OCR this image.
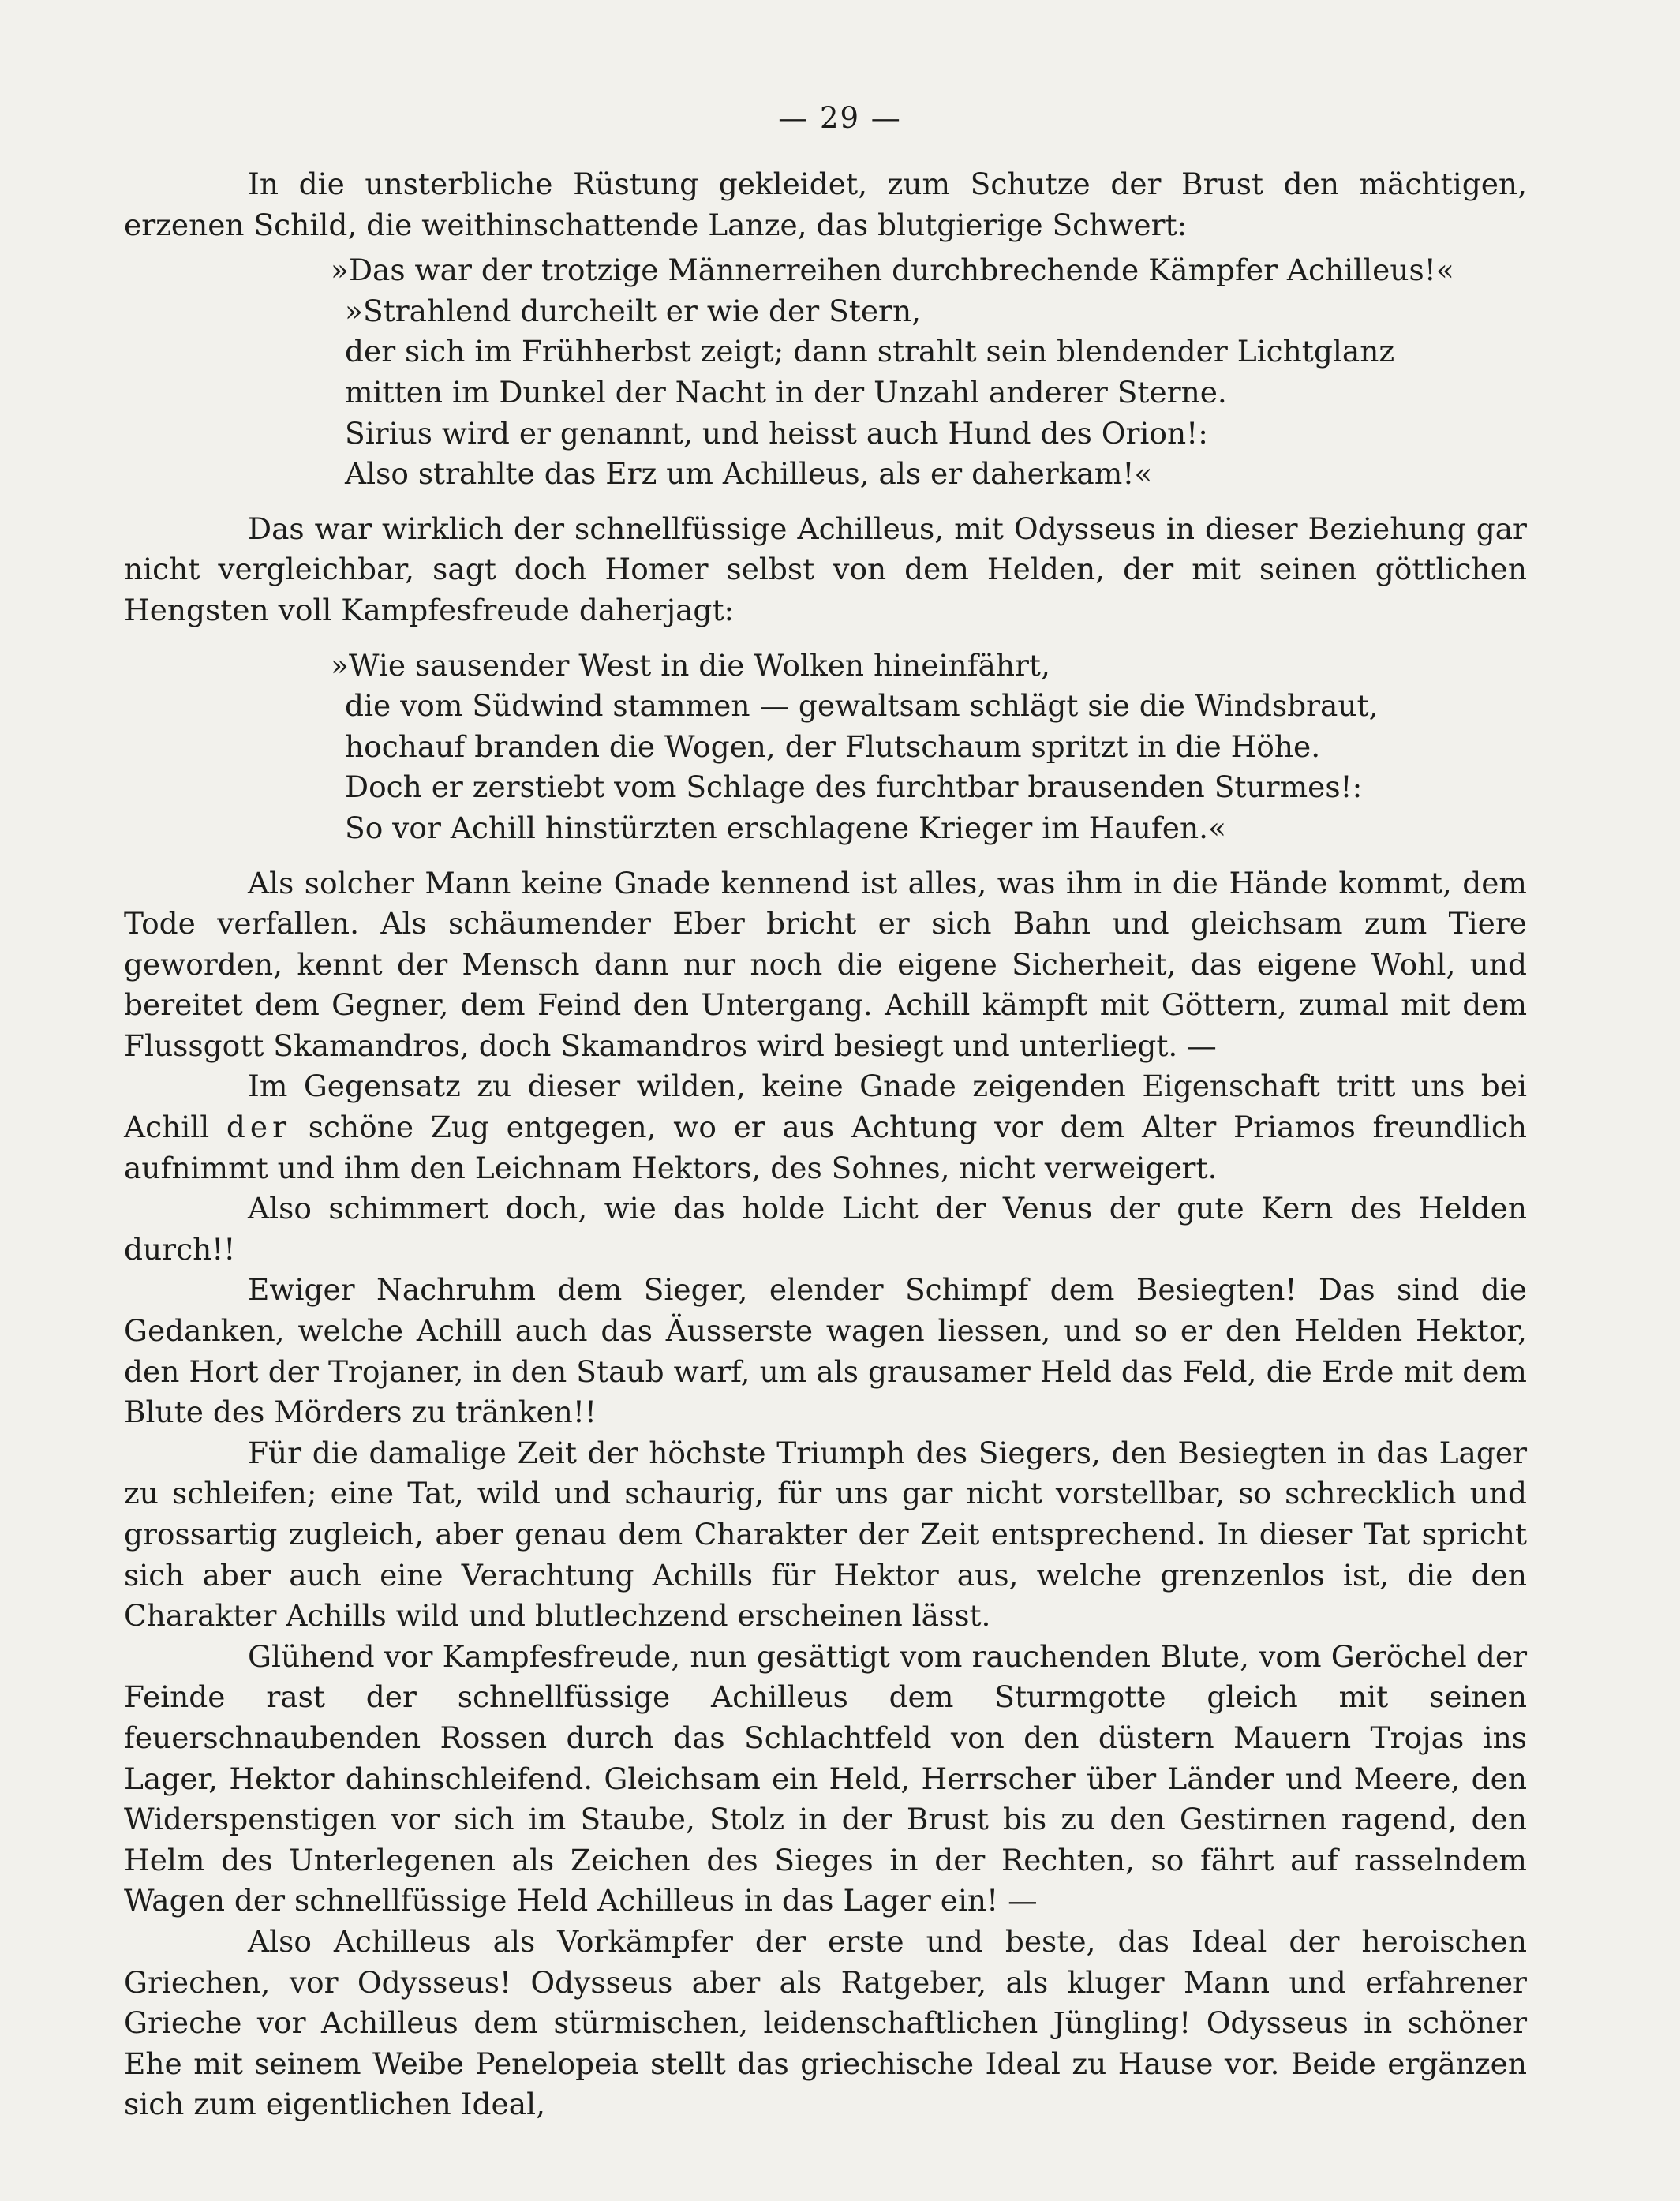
— 29 —

In die unsterbliche Rüstung gekleidet, zum Schutze der Brust den mächtigen, erzenen Schild, die weithinschattende Lanze, das blutgierige Schwert:

»Das war der trotzige Männerreihen durchbrechende Kämpfer Achilleus!«
»Strahlend durcheilt er wie der Stern,
der sich im Frühherbst zeigt; dann strahlt sein blendender Lichtglanz
mitten im Dunkel der Nacht in der Unzahl anderer Sterne.
Sirius wird er genannt, und heisst auch Hund des Orion!:
Also strahlte das Erz um Achilleus, als er daherkam!«

Das war wirklich der schnellfüssige Achilleus, mit Odysseus in dieser Beziehung gar nicht vergleichbar, sagt doch Homer selbst von dem Helden, der mit seinen göttlichen Hengsten voll Kampfesfreude daherjagt:

»Wie sausender West in die Wolken hineinfährt,
die vom Südwind stammen — gewaltsam schlägt sie die Windsbraut,
hochauf branden die Wogen, der Flutschaum spritzt in die Höhe.
Doch er zerstiebt vom Schlage des furchtbar brausenden Sturmes!:
So vor Achill hinstürzten erschlagene Krieger im Haufen.«

Als solcher Mann keine Gnade kennend ist alles, was ihm in die Hände kommt, dem Tode verfallen. Als schäumender Eber bricht er sich Bahn und gleichsam zum Tiere geworden, kennt der Mensch dann nur noch die eigene Sicherheit, das eigene Wohl, und bereitet dem Gegner, dem Feind den Untergang. Achill kämpft mit Göttern, zumal mit dem Flussgott Skamandros, doch Skamandros wird besiegt und unterliegt. —

Im Gegensatz zu dieser wilden, keine Gnade zeigenden Eigenschaft tritt uns bei Achill der schöne Zug entgegen, wo er aus Achtung vor dem Alter Priamos freundlich aufnimmt und ihm den Leichnam Hektors, des Sohnes, nicht verweigert.

Also schimmert doch, wie das holde Licht der Venus der gute Kern des Helden durch!!

Ewiger Nachruhm dem Sieger, elender Schimpf dem Besiegten! Das sind die Gedanken, welche Achill auch das Äusserste wagen liessen, und so er den Helden Hektor, den Hort der Trojaner, in den Staub warf, um als grausamer Held das Feld, die Erde mit dem Blute des Mörders zu tränken!!

Für die damalige Zeit der höchste Triumph des Siegers, den Besiegten in das Lager zu schleifen; eine Tat, wild und schaurig, für uns gar nicht vorstellbar, so schrecklich und grossartig zugleich, aber genau dem Charakter der Zeit entsprechend. In dieser Tat spricht sich aber auch eine Verachtung Achills für Hektor aus, welche grenzenlos ist, die den Charakter Achills wild und blutlechzend erscheinen lässt.

Glühend vor Kampfesfreude, nun gesättigt vom rauchenden Blute, vom Geröchel der Feinde rast der schnellfüssige Achilleus dem Sturmgotte gleich mit seinen feuerschnaubenden Rossen durch das Schlachtfeld von den düstern Mauern Trojas ins Lager, Hektor dahinschleifend. Gleichsam ein Held, Herrscher über Länder und Meere, den Widerspenstigen vor sich im Staube, Stolz in der Brust bis zu den Gestirnen ragend, den Helm des Unterlegenen als Zeichen des Sieges in der Rechten, so fährt auf rasselndem Wagen der schnellfüssige Held Achilleus in das Lager ein! —

Also Achilleus als Vorkämpfer der erste und beste, das Ideal der heroischen Griechen, vor Odysseus! Odysseus aber als Ratgeber, als kluger Mann und erfahrener Grieche vor Achilleus dem stürmischen, leidenschaftlichen Jüngling! Odysseus in schöner Ehe mit seinem Weibe Penelopeia stellt das griechische Ideal zu Hause vor. Beide ergänzen sich zum eigentlichen Ideal,
